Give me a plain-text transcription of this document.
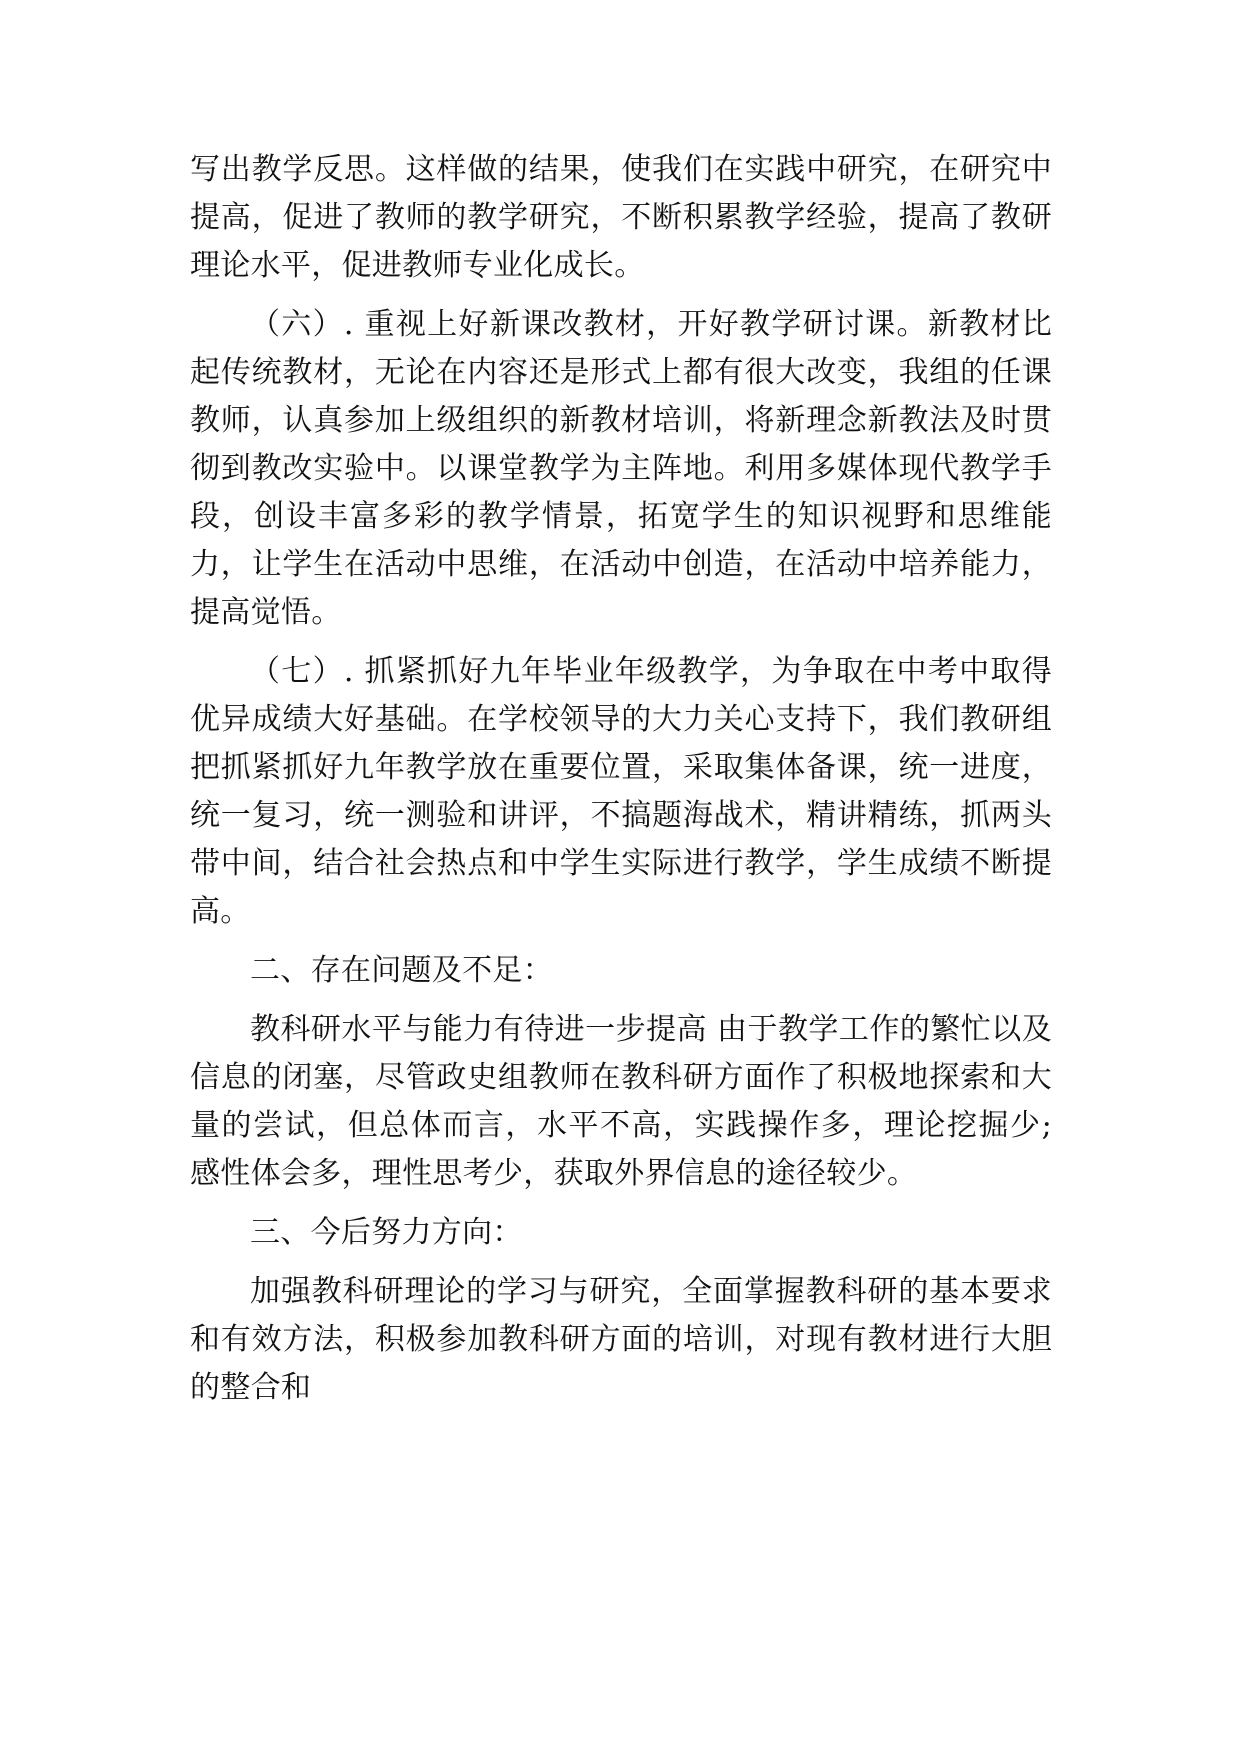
写出教学反思。这样做的结果，使我们在实践中研究，在研究中提高，促进了教师的教学研究，不断积累教学经验，提高了教研理论水平，促进教师专业化成长。

（六）. 重视上好新课改教材，开好教学研讨课。新教材比起传统教材，无论在内容还是形式上都有很大改变，我组的任课教师，认真参加上级组织的新教材培训，将新理念新教法及时贯彻到教改实验中。以课堂教学为主阵地。利用多媒体现代教学手段，创设丰富多彩的教学情景，拓宽学生的知识视野和思维能力，让学生在活动中思维，在活动中创造，在活动中培养能力，提高觉悟。

（七）. 抓紧抓好九年毕业年级教学，为争取在中考中取得优异成绩大好基础。在学校领导的大力关心支持下，我们教研组把抓紧抓好九年教学放在重要位置，采取集体备课，统一进度，统一复习，统一测验和讲评，不搞题海战术，精讲精练，抓两头带中间，结合社会热点和中学生实际进行教学，学生成绩不断提高。

二、存在问题及不足：

教科研水平与能力有待进一步提高 由于教学工作的繁忙以及信息的闭塞，尽管政史组教师在教科研方面作了积极地探索和大量的尝试，但总体而言，水平不高，实践操作多，理论挖掘少; 感性体会多，理性思考少，获取外界信息的途径较少。

三、今后努力方向：

加强教科研理论的学习与研究，全面掌握教科研的基本要求和有效方法，积极参加教科研方面的培训，对现有教材进行大胆的整合和
